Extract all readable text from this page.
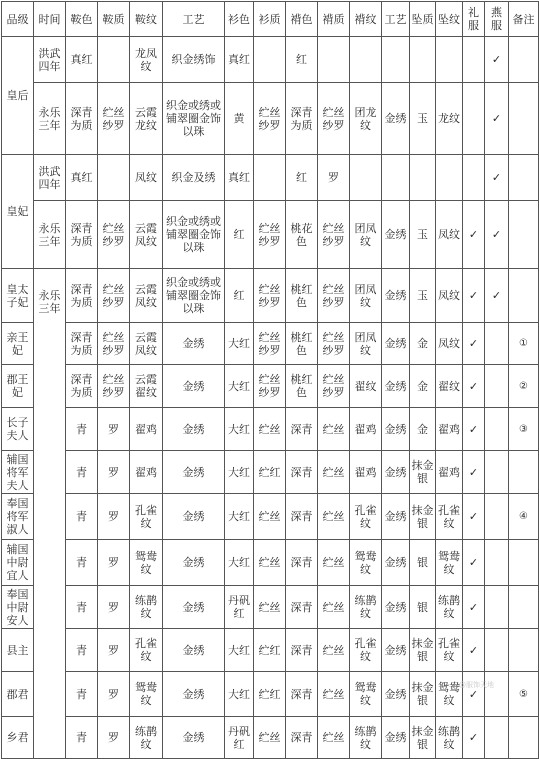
品级	时间	鞍色	鞍质	鞍纹	工艺	衫色	衫质	褙色	褙质	褙纹	工艺	坠质	坠纹	礼服	燕服	备注
皇后	洪武四年	真红		龙凤纹	织金绣饰	真红		红							✓	
	永乐三年	深青为质	纻丝纱罗	云霞龙纹	织金或绣或铺翠圈金饰以珠	黄	纻丝纱罗	深青为质	纻丝纱罗	团龙纹	金绣	玉	龙纹		✓	
皇妃	洪武四年	真红		凤纹	织金及绣	真红		红	罗						✓	
	永乐三年	深青为质	纻丝纱罗	云霞凤纹	织金或绣或铺翠圈金饰以珠	红	纻丝纱罗	桃花色	纻丝纱罗	团凤纹	金绣	玉	凤纹	✓	✓	
皇太子妃	永乐三年	深青为质	纻丝纱罗	云霞凤纹	织金或绣或铺翠圈金饰以珠	红	纻丝纱罗	桃红色	纻丝纱罗	团凤纹	金绣	玉	凤纹	✓	✓	
亲王妃		深青为质	纻丝纱罗	云霞凤纹	金绣	大红	纻丝纱罗	桃红色	纻丝纱罗	团凤纹	金绣	金	凤纹	✓		①
郡王妃		深青为质	纻丝纱罗	云霞翟纹	金绣	大红	纻丝纱罗	桃红色	纻丝纱罗	翟纹	金绣	金	翟纹	✓		②
长子夫人		青	罗	翟鸡	金绣	大红	纻丝	深青	纻丝	翟鸡	金绣	金	翟鸡	✓		③
辅国将军夫人		青	罗	翟鸡	金绣	大红	纻红	深青	纻丝	翟鸡	金绣	抹金银	翟鸡	✓		
奉国将军淑人		青	罗	孔雀纹	金绣	大红	纻丝	深青	纻丝	孔雀纹	金绣	抹金银	孔雀纹	✓		④
辅国中尉宜人		青	罗	鸳鸯纹	金绣	大红	纻丝	深青	纻丝	鸳鸯纹	金绣	银	鸳鸯纹	✓		
奉国中尉安人		青	罗	练鹊纹	金绣	丹矾红	纻丝	深青	纻丝	练鹊纹	金绣	银	练鹊纹	✓		
县主		青	罗	孔雀纹	金绣	大红	纻红	深青	纻丝	孔雀纹	金绣	抹金银	孔雀纹	✓		
郡君		青	罗	鸳鸯纹	金绣	大红	纻红	深青	纻丝	鸳鸯纹	金绣	抹金银	鸳鸯纹	✓		⑤
乡君		青	罗	练鹊纹	金绣	丹矾红	纻丝	深青	纻丝	练鹊纹	金绣	抹金银	练鹊纹	✓		
@服饰天地
